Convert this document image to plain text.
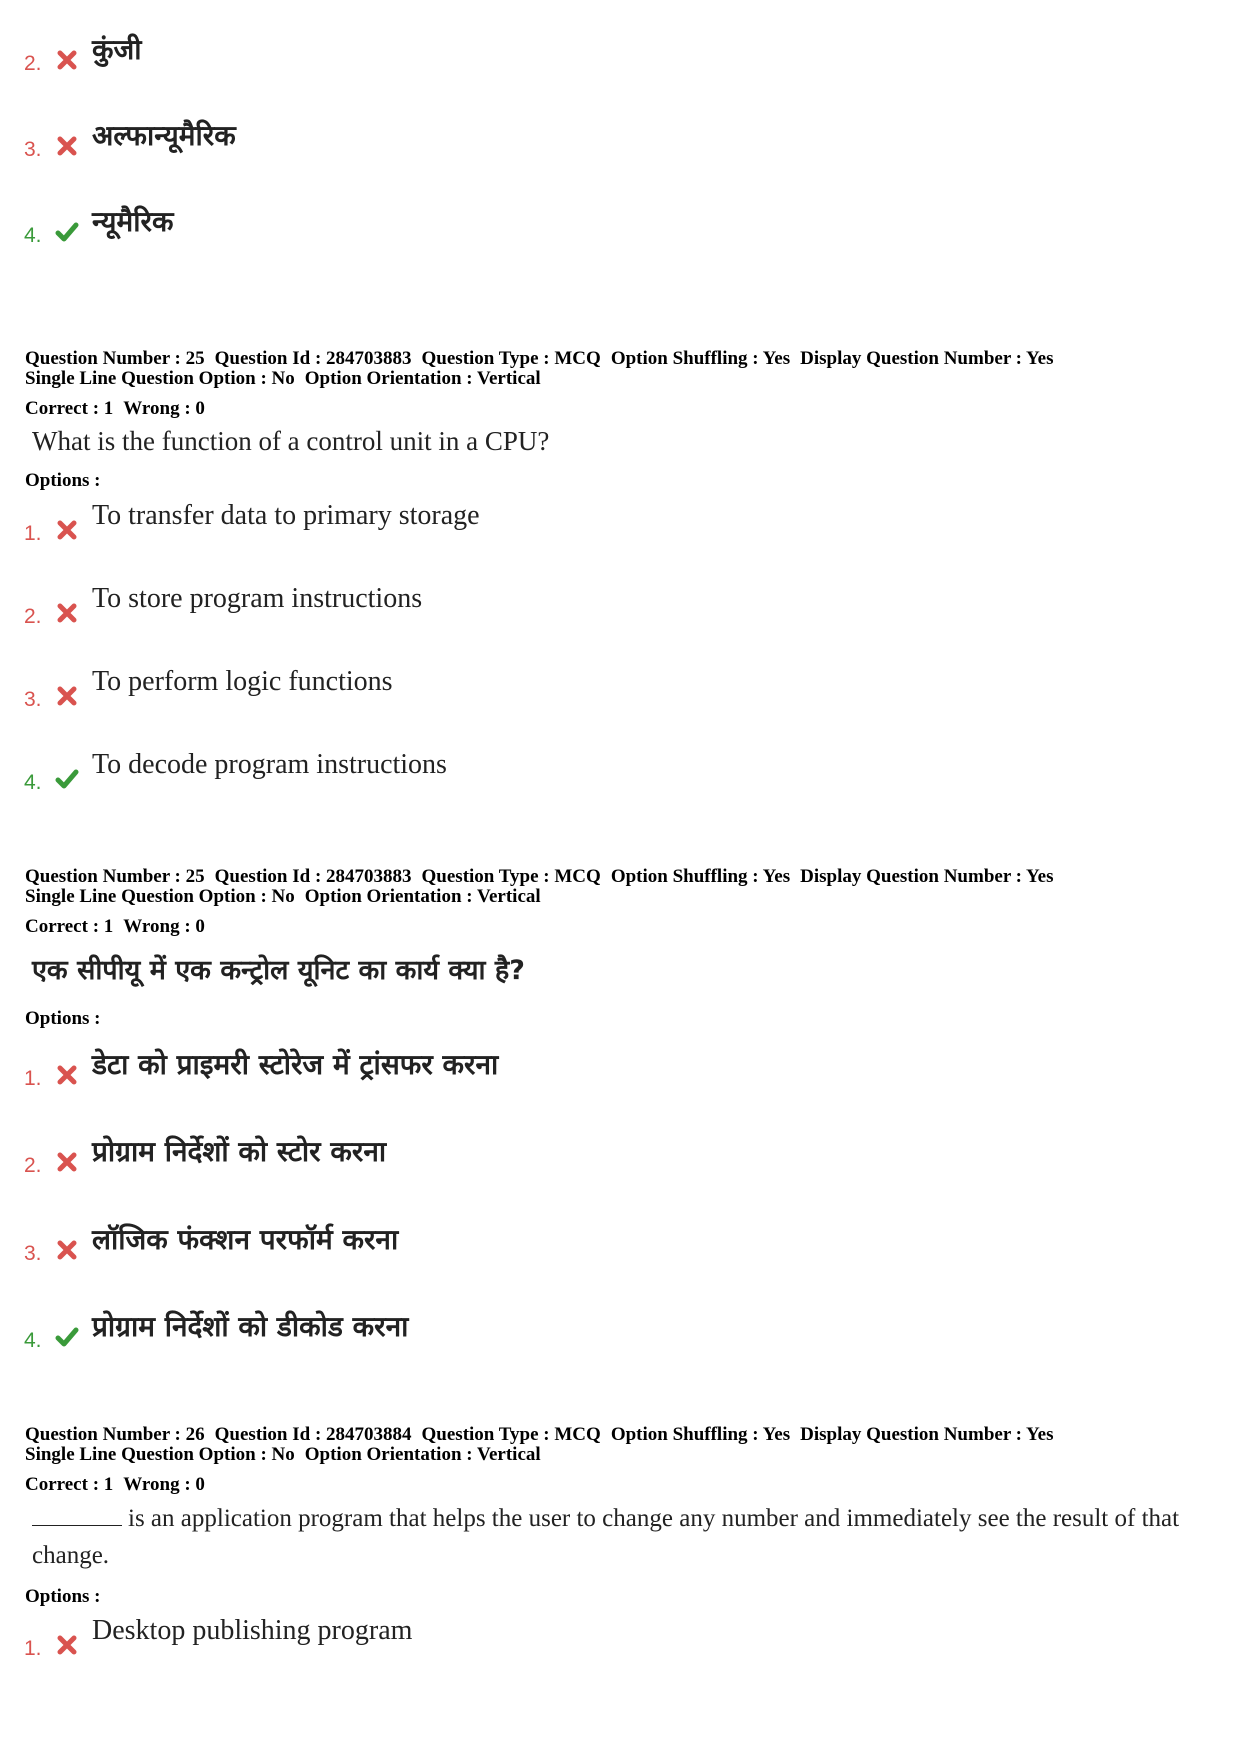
2. कुंजी
3. अल्फान्यूमैरिक
4. न्यूमैरिक
Question Number : 25 Question Id : 284703883 Question Type : MCQ Option Shuffling : Yes Display Question Number : Yes
Single Line Question Option : No Option Orientation : Vertical
Correct : 1 Wrong : 0
What is the function of a control unit in a CPU?
Options :
1.
To transfer data to primary storage
2.
To store program instructions
3.
To perform logic functions
4.
To decode program instructions
Question Number : 25 Question Id : 284703883 Question Type : MCQ Option Shuffling : Yes Display Question Number : Yes
Single Line Question Option : No Option Orientation : Vertical
Correct : 1 Wrong : 0
एक सीपीयू में एक कन्ट्रोल यूनिट का कार्य क्या है?
Options :
1. डेटा को प्राइमरी स्टोरेज में ट्रांसफर करना
2. प्रोग्राम निर्देशों को स्टोर करना
3. लॉजिक फंक्शन परफॉर्म करना
4. प्रोग्राम निर्देशों को डीकोड करना
Question Number : 26 Question Id : 284703884 Question Type : MCQ Option Shuffling : Yes Display Question Number : Yes
Single Line Question Option : No Option Orientation : Vertical
Correct : 1 Wrong : 0
is an application program that helps the user to change any number and immediately see the result of that change.
Options :
1.
Desktop publishing program
